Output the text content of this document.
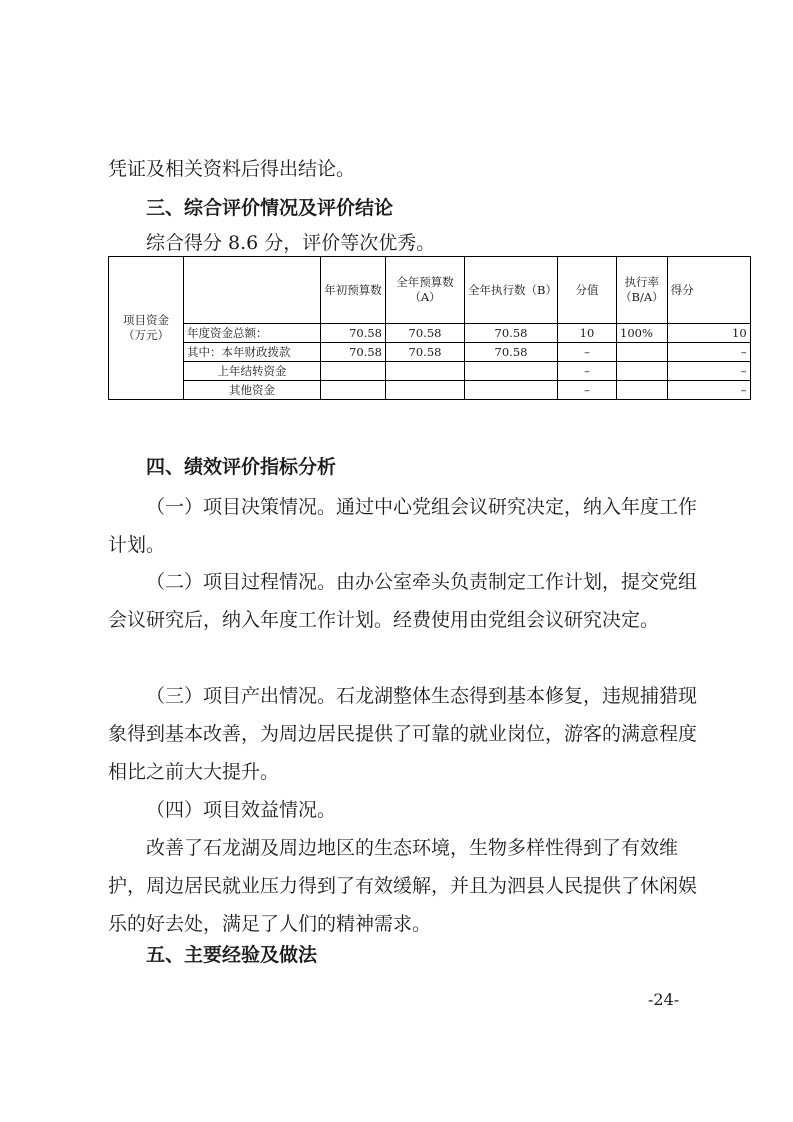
凭证及相关资料后得出结论。

三、综合评价情况及评价结论

综合得分 8.6 分，评价等次优秀。

项目资金（万元）		年初预算数	全年预算数（A）	全年执行数（B）	分值	执行率（B/A）	得分
	年度资金总额：	70.58	70.58	70.58	10	100%	10
	其中：本年财政拨款	70.58	70.58	70.58	–		–
	上年结转资金				–		–
	其他资金				–		–

四、绩效评价指标分析

（一）项目决策情况。通过中心党组会议研究决定，纳入年度工作计划。

（二）项目过程情况。由办公室牵头负责制定工作计划，提交党组会议研究后，纳入年度工作计划。经费使用由党组会议研究决定。

（三）项目产出情况。石龙湖整体生态得到基本修复，违规捕猎现象得到基本改善，为周边居民提供了可靠的就业岗位，游客的满意程度相比之前大大提升。

（四）项目效益情况。

改善了石龙湖及周边地区的生态环境，生物多样性得到了有效维护，周边居民就业压力得到了有效缓解，并且为泗县人民提供了休闲娱乐的好去处，满足了人们的精神需求。

五、主要经验及做法

-24-
